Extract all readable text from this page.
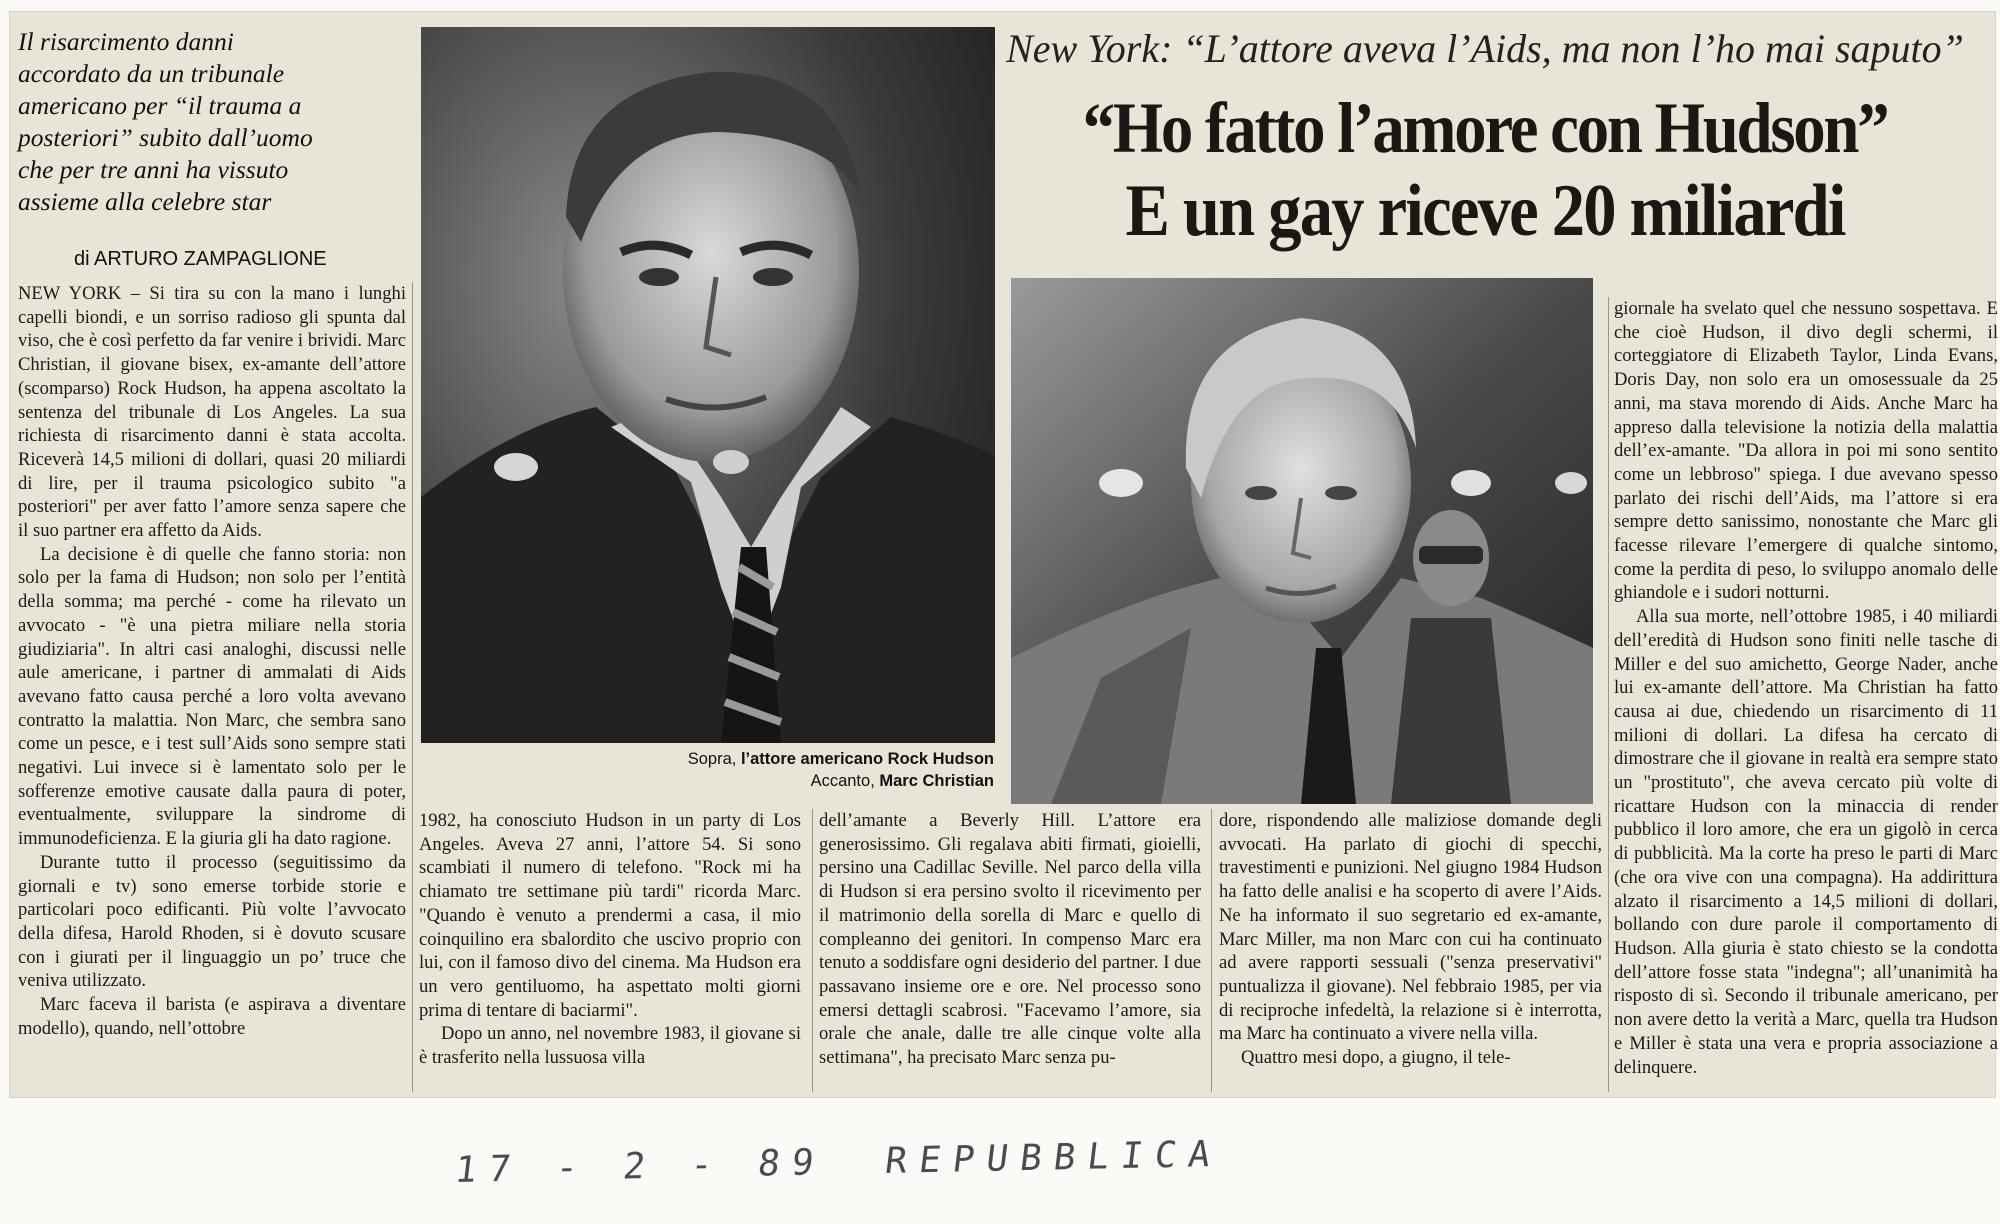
Il risarcimento danni accordato da un tribunale americano per “il trauma a posteriori” subito dall’uomo che per tre anni ha vissuto assieme alla celebre star

di ARTURO ZAMPAGLIONE

NEW YORK – Si tira su con la mano i lunghi capelli biondi, e un sorriso radioso gli spunta dal viso, che è così perfetto da far venire i brividi. Marc Christian, il giovane bisex, ex-amante dell’attore (scomparso) Rock Hudson, ha appena ascoltato la sentenza del tribunale di Los Angeles. La sua richiesta di risarcimento danni è stata accolta. Riceverà 14,5 milioni di dollari, quasi 20 miliardi di lire, per il trauma psicologico subito "a posteriori" per aver fatto l’amore senza sapere che il suo partner era affetto da Aids.

La decisione è di quelle che fanno storia: non solo per la fama di Hudson; non solo per l’entità della somma; ma perché - come ha rilevato un avvocato - "è una pietra miliare nella storia giudiziaria". In altri casi analoghi, discussi nelle aule americane, i partner di ammalati di Aids avevano fatto causa perché a loro volta avevano contratto la malattia. Non Marc, che sembra sano come un pesce, e i test sull’Aids sono sempre stati negativi. Lui invece si è lamentato solo per le sofferenze emotive causate dalla paura di poter, eventualmente, sviluppare la sindrome di immunodeficienza. E la giuria gli ha dato ragione.

Durante tutto il processo (seguitissimo da giornali e tv) sono emerse torbide storie e particolari poco edificanti. Più volte l’avvocato della difesa, Harold Rhoden, si è dovuto scusare con i giurati per il linguaggio un po’ truce che veniva utilizzato.

Marc faceva il barista (e aspirava a diventare modello), quando, nell’ottobre

Sopra, l’attore americano Rock Hudson
Accanto, Marc Christian

1982, ha conosciuto Hudson in un party di Los Angeles. Aveva 27 anni, l’attore 54. Si sono scambiati il numero di telefono. "Rock mi ha chiamato tre settimane più tardi" ricorda Marc. "Quando è venuto a prendermi a casa, il mio coinquilino era sbalordito che uscivo proprio con lui, con il famoso divo del cinema. Ma Hudson era un vero gentiluomo, ha aspettato molti giorni prima di tentare di baciarmi".

Dopo un anno, nel novembre 1983, il giovane si è trasferito nella lussuosa villa

dell’amante a Beverly Hill. L’attore era generosissimo. Gli regalava abiti firmati, gioielli, persino una Cadillac Seville. Nel parco della villa di Hudson si era persino svolto il ricevimento per il matrimonio della sorella di Marc e quello di compleanno dei genitori. In compenso Marc era tenuto a soddisfare ogni desiderio del partner. I due passavano insieme ore e ore. Nel processo sono emersi dettagli scabrosi. "Facevamo l’amore, sia orale che anale, dalle tre alle cinque volte alla settimana", ha precisato Marc senza pu-

dore, rispondendo alle maliziose domande degli avvocati. Ha parlato di giochi di specchi, travestimenti e punizioni. Nel giugno 1984 Hudson ha fatto delle analisi e ha scoperto di avere l’Aids. Ne ha informato il suo segretario ed ex-amante, Marc Miller, ma non Marc con cui ha continuato ad avere rapporti sessuali ("senza preservativi" puntualizza il giovane). Nel febbraio 1985, per via di reciproche infedeltà, la relazione si è interrotta, ma Marc ha continuato a vivere nella villa.

Quattro mesi dopo, a giugno, il tele-

New York: “L’attore aveva l’Aids, ma non l’ho mai saputo”

“Ho fatto l’amore con Hudson”
E un gay riceve 20 miliardi

giornale ha svelato quel che nessuno sospettava. E che cioè Hudson, il divo degli schermi, il corteggiatore di Elizabeth Taylor, Linda Evans, Doris Day, non solo era un omosessuale da 25 anni, ma stava morendo di Aids. Anche Marc ha appreso dalla televisione la notizia della malattia dell’ex-amante. "Da allora in poi mi sono sentito come un lebbroso" spiega. I due avevano spesso parlato dei rischi dell’Aids, ma l’attore si era sempre detto sanissimo, nonostante che Marc gli facesse rilevare l’emergere di qualche sintomo, come la perdita di peso, lo sviluppo anomalo delle ghiandole e i sudori notturni.

Alla sua morte, nell’ottobre 1985, i 40 miliardi dell’eredità di Hudson sono finiti nelle tasche di Miller e del suo amichetto, George Nader, anche lui ex-amante dell’attore. Ma Christian ha fatto causa ai due, chiedendo un risarcimento di 11 milioni di dollari. La difesa ha cercato di dimostrare che il giovane in realtà era sempre stato un "prostituto", che aveva cercato più volte di ricattare Hudson con la minaccia di render pubblico il loro amore, che era un gigolò in cerca di pubblicità. Ma la corte ha preso le parti di Marc (che ora vive con una compagna). Ha addirittura alzato il risarcimento a 14,5 milioni di dollari, bollando con dure parole il comportamento di Hudson. Alla giuria è stato chiesto se la condotta dell’attore fosse stata "indegna"; all’unanimità ha risposto di sì. Secondo il tribunale americano, per non avere detto la verità a Marc, quella tra Hudson e Miller è stata una vera e propria associazione a delinquere.

17 - 2 - 89 REPUBBLICA
